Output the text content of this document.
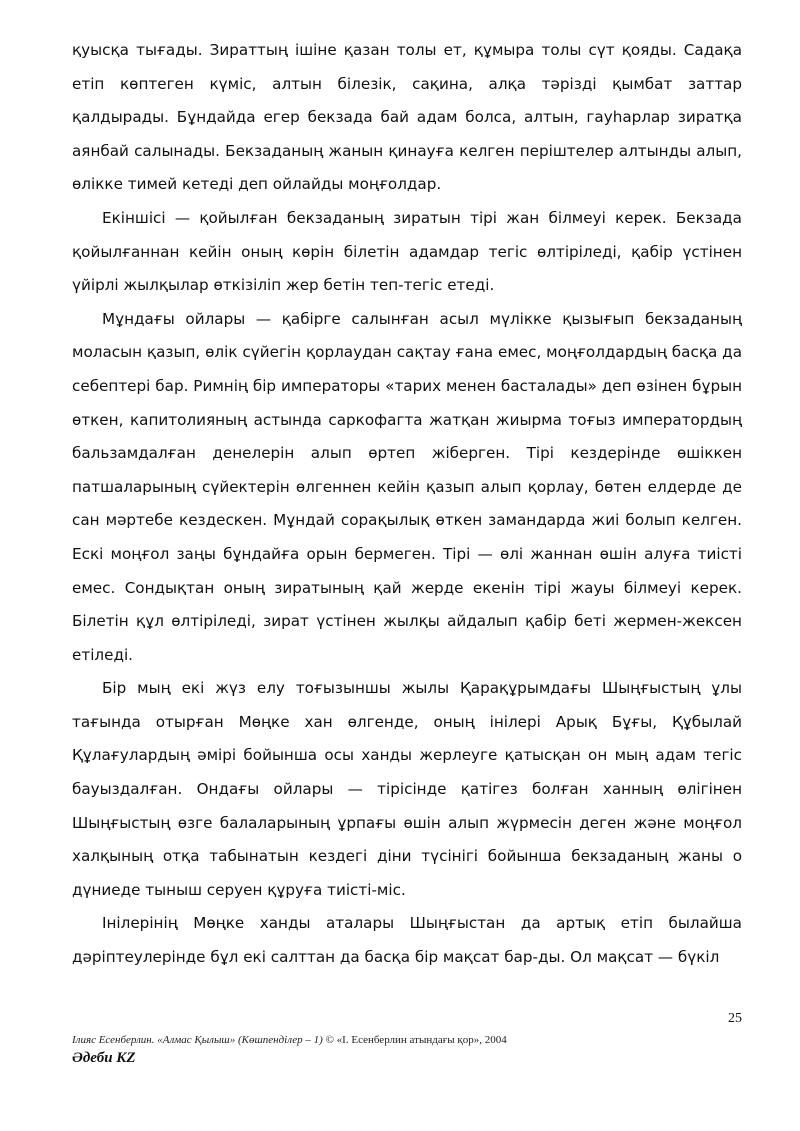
қуысқа тығады. Зираттың ішіне қазан толы ет, құмыра толы сүт қояды. Садақа етіп көптеген күміс, алтын білезік, сақина, алқа тәрізді қымбат заттар қалдырады. Бұндайда егер бекзада бай адам болса, алтын, гауһарлар зиратқа аянбай салынады. Бекзаданың жанын қинауға келген періштелер алтынды алып, өлікке тимей кетеді деп ойлайды моңғолдар.

Екіншісі — қойылған бекзаданың зиратын тірі жан білмеуі керек. Бекзада қойылғаннан кейін оның көрін білетін адамдар тегіс өлтіріледі, қабір үстінен үйірлі жылқылар өткізіліп жер бетін теп-тегіс етеді.

Мұндағы ойлары — қабірге салынған асыл мүлікке қызығып бекзаданың моласын қазып, өлік сүйегін қорлаудан сақтау ғана емес, моңғолдардың басқа да себептері бар. Римнің бір императоры «тарих менен басталады» деп өзінен бұрын өткен, капитолияның астында саркофагта жатқан жиырма тоғыз императордың бальзамдалған денелерін алып өртеп жіберген. Тірі кездерінде өшіккен патшаларының сүйектерін өлгеннен кейін қазып алып қорлау, бөтен елдерде де сан мәртебе кездескен. Мұндай сорақылық өткен замандарда жиі болып келген. Ескі моңғол заңы бұндайға орын бермеген. Тірі — өлі жаннан өшін алуға тиісті емес. Сондықтан оның зиратының қай жерде екенін тірі жауы білмеуі керек. Білетін құл өлтіріледі, зират үстінен жылқы айдалып қабір беті жермен-жексен етіледі.

Бір мың екі жүз елу тоғызыншы жылы Қарақұрымдағы Шыңғыстың ұлы тағында отырған Мөңке хан өлгенде, оның інілері Арық Бұғы, Құбылай Құлағулардың әмірі бойынша осы ханды жерлеуге қатысқан он мың адам тегіс бауыздалған. Ондағы ойлары — тірісінде қатігез болған ханның өлігінен Шыңғыстың өзге балаларының ұрпағы өшін алып жүрмесін деген және моңғол халқының отқа табынатын кездегі діни түсінігі бойынша бекзаданың жаны о дүниеде тыныш серуен құруға тиісті-міс.

Інілерінің Мөңке ханды аталары Шыңғыстан да артық етіп былайша дәріптеулерінде бұл екі салттан да басқа бір мақсат бар-ды. Ол мақсат — бүкіл

25
Ілияс Есенберлин. «Алмас Қылыш» (Көшпенділер – 1) © «І. Есенберлин атындағы қор», 2004
Әдеби KZ
